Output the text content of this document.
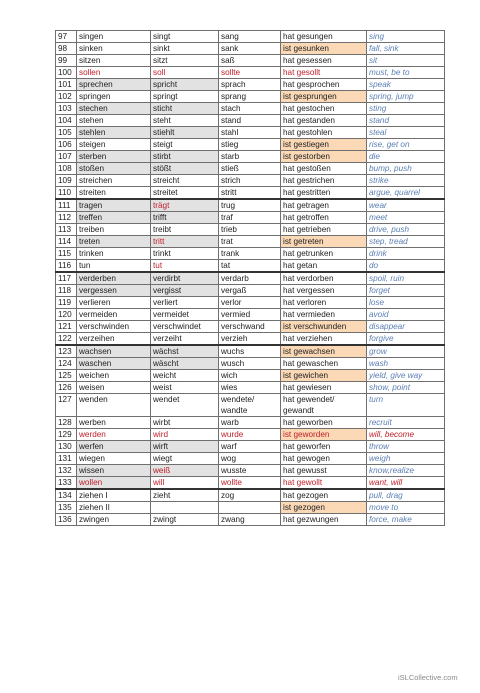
97	singen	singt	sang	hat gesungen	sing
98	sinken	sinkt	sank	ist gesunken	fall, sink
99	sitzen	sitzt	saß	hat gesessen	sit
100	sollen	soll	sollte	hat gesollt	must, be to
101	sprechen	spricht	sprach	hat gesprochen	speak
102	springen	springt	sprang	ist gesprungen	spring, jump
103	stechen	sticht	stach	hat gestochen	sting
104	stehen	steht	stand	hat gestanden	stand
105	stehlen	stiehlt	stahl	hat gestohlen	steal
106	steigen	steigt	stieg	ist gestiegen	rise, get on
107	sterben	stirbt	starb	ist gestorben	die
108	stoßen	stößt	stieß	hat gestoßen	bump, push
109	streichen	streicht	strich	hat gestrichen	strike
110	streiten	streitet	stritt	hat gestritten	argue, quarrel
111	tragen	trägt	trug	hat getragen	wear
112	treffen	trifft	traf	hat getroffen	meet
113	treiben	treibt	trieb	hat getrieben	drive, push
114	treten	tritt	trat	ist getreten	step, tread
115	trinken	trinkt	trank	hat getrunken	drink
116	tun	tut	tat	hat getan	do
117	verderben	verdirbt	verdarb	hat verdorben	spoil, ruin
118	vergessen	vergisst	vergaß	hat vergessen	forget
119	verlieren	verliert	verlor	hat verloren	lose
120	vermeiden	vermeidet	vermied	hat vermieden	avoid
121	verschwinden	verschwindet	verschwand	ist verschwunden	disappear
122	verzeihen	verzeiht	verzieh	hat verziehen	forgive
123	wachsen	wächst	wuchs	ist gewachsen	grow
124	waschen	wäscht	wusch	hat gewaschen	wash
125	weichen	weicht	wich	ist gewichen	yield, give way
126	weisen	weist	wies	hat gewiesen	show, point
127	wenden	wendet	wendete/ wandte	hat gewendet/ gewandt	turn
128	werben	wirbt	warb	hat geworben	recruit
129	werden	wird	wurde	ist geworden	will, become
130	werfen	wirft	warf	hat geworfen	throw
131	wiegen	wiegt	wog	hat gewogen	weigh
132	wissen	weiß	wusste	hat gewusst	know,realize
133	wollen	will	wollte	hat gewollt	want, will
134	ziehen I	zieht	zog	hat gezogen	pull, drag
135	ziehen II			ist gezogen	move to
136	zwingen	zwingt	zwang	hat gezwungen	force, make
iSLCollective.com
